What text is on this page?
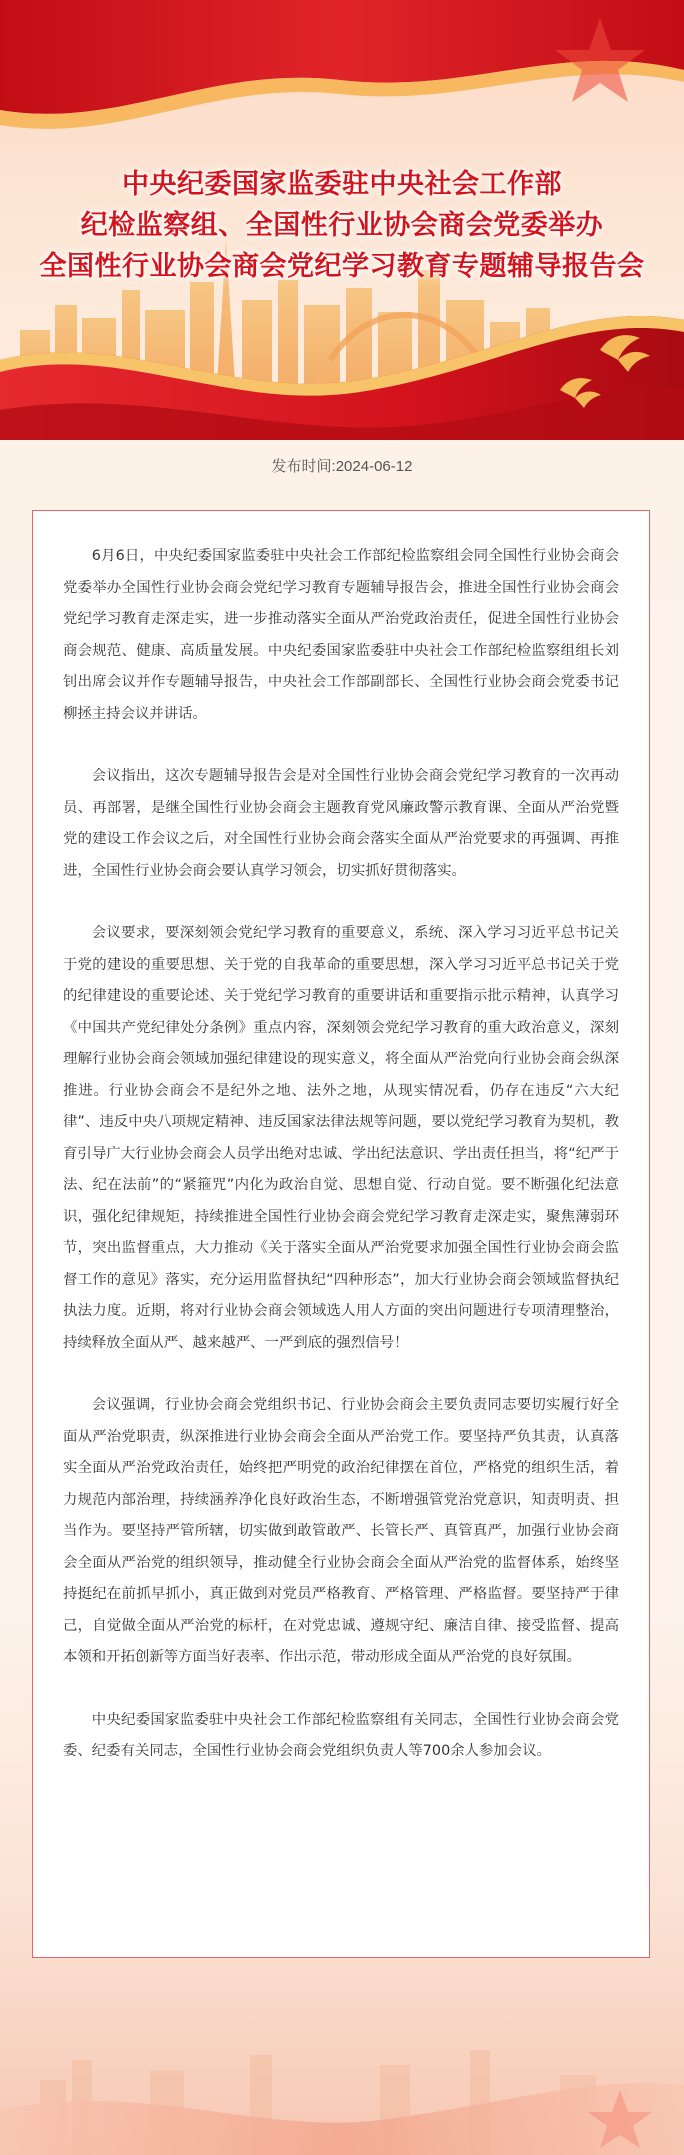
中央纪委国家监委驻中央社会工作部
纪检监察组、全国性行业协会商会党委举办
全国性行业协会商会党纪学习教育专题辅导报告会
发布时间:2024-06-12

6月6日，中央纪委国家监委驻中央社会工作部纪检监察组会同全国性行业协会商会党委举办全国性行业协会商会党纪学习教育专题辅导报告会，推进全国性行业协会商会党纪学习教育走深走实，进一步推动落实全面从严治党政治责任，促进全国性行业协会商会规范、健康、高质量发展。中央纪委国家监委驻中央社会工作部纪检监察组组长刘钊出席会议并作专题辅导报告，中央社会工作部副部长、全国性行业协会商会党委书记柳拯主持会议并讲话。

会议指出，这次专题辅导报告会是对全国性行业协会商会党纪学习教育的一次再动员、再部署，是继全国性行业协会商会主题教育党风廉政警示教育课、全面从严治党暨党的建设工作会议之后，对全国性行业协会商会落实全面从严治党要求的再强调、再推进，全国性行业协会商会要认真学习领会，切实抓好贯彻落实。

会议要求，要深刻领会党纪学习教育的重要意义，系统、深入学习习近平总书记关于党的建设的重要思想、关于党的自我革命的重要思想，深入学习习近平总书记关于党的纪律建设的重要论述、关于党纪学习教育的重要讲话和重要指示批示精神，认真学习《中国共产党纪律处分条例》重点内容，深刻领会党纪学习教育的重大政治意义，深刻理解行业协会商会领域加强纪律建设的现实意义，将全面从严治党向行业协会商会纵深推进。行业协会商会不是纪外之地、法外之地，从现实情况看，仍存在违反“六大纪律”、违反中央八项规定精神、违反国家法律法规等问题，要以党纪学习教育为契机，教育引导广大行业协会商会人员学出绝对忠诚、学出纪法意识、学出责任担当，将“纪严于法、纪在法前”的“紧箍咒”内化为政治自觉、思想自觉、行动自觉。要不断强化纪法意识，强化纪律规矩，持续推进全国性行业协会商会党纪学习教育走深走实，聚焦薄弱环节，突出监督重点，大力推动《关于落实全面从严治党要求加强全国性行业协会商会监督工作的意见》落实，充分运用监督执纪“四种形态”，加大行业协会商会领域监督执纪执法力度。近期，将对行业协会商会领域选人用人方面的突出问题进行专项清理整治，持续释放全面从严、越来越严、一严到底的强烈信号！

会议强调，行业协会商会党组织书记、行业协会商会主要负责同志要切实履行好全面从严治党职责，纵深推进行业协会商会全面从严治党工作。要坚持严负其责，认真落实全面从严治党政治责任，始终把严明党的政治纪律摆在首位，严格党的组织生活，着力规范内部治理，持续涵养净化良好政治生态，不断增强管党治党意识，知责明责、担当作为。要坚持严管所辖，切实做到敢管敢严、长管长严、真管真严，加强行业协会商会全面从严治党的组织领导，推动健全行业协会商会全面从严治党的监督体系，始终坚持挺纪在前抓早抓小，真正做到对党员严格教育、严格管理、严格监督。要坚持严于律己，自觉做全面从严治党的标杆，在对党忠诚、遵规守纪、廉洁自律、接受监督、提高本领和开拓创新等方面当好表率、作出示范，带动形成全面从严治党的良好氛围。

中央纪委国家监委驻中央社会工作部纪检监察组有关同志，全国性行业协会商会党委、纪委有关同志，全国性行业协会商会党组织负责人等700余人参加会议。
